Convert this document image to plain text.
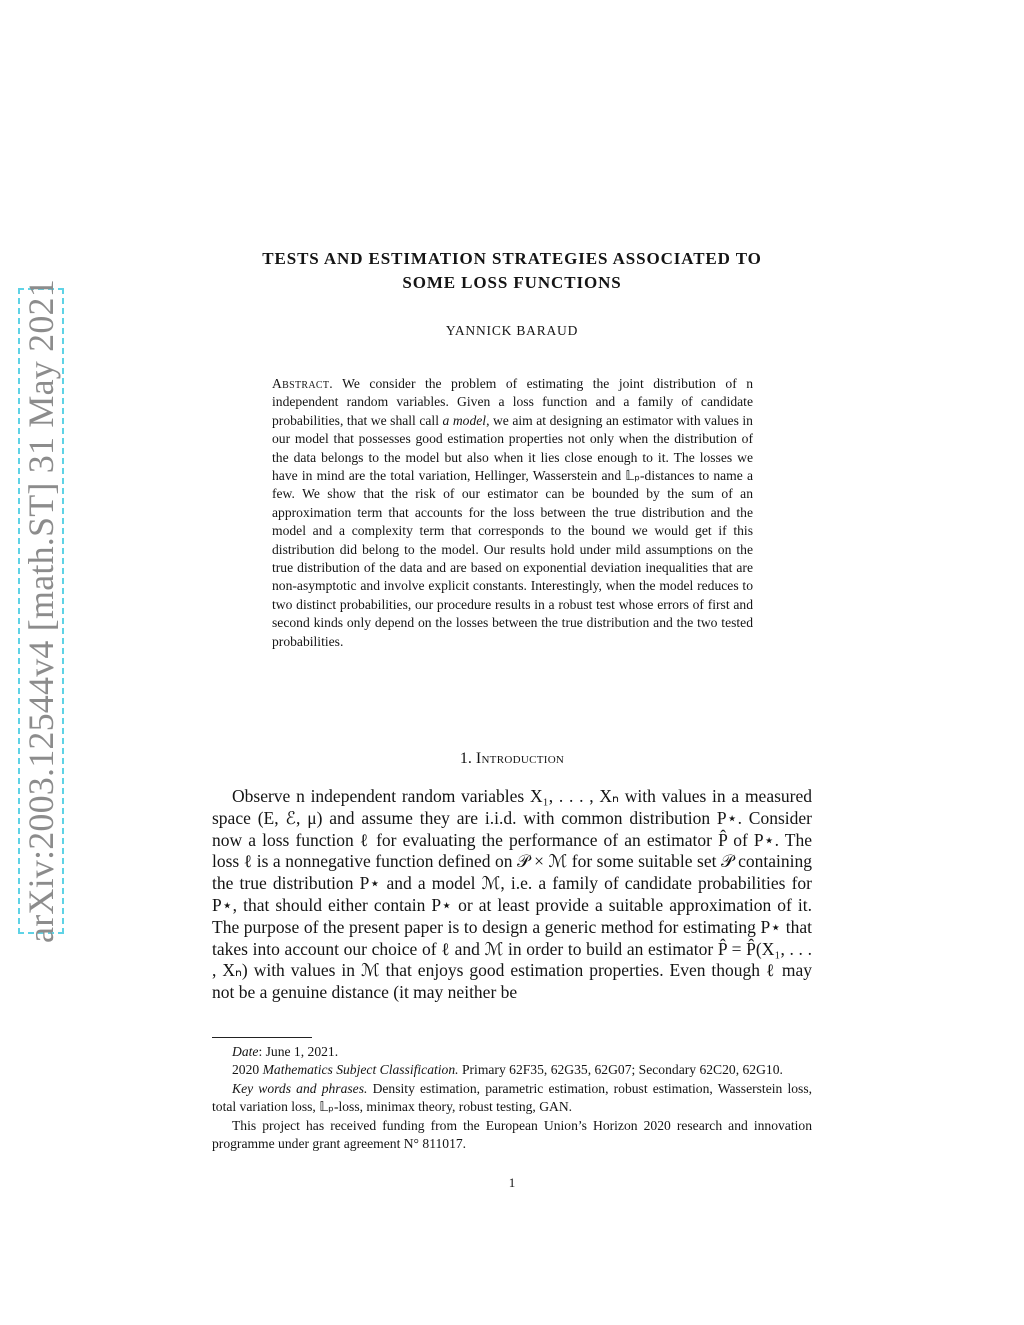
arXiv:2003.12544v4 [math.ST] 31 May 2021
TESTS AND ESTIMATION STRATEGIES ASSOCIATED TO
SOME LOSS FUNCTIONS
YANNICK BARAUD

Abstract. We consider the problem of estimating the joint distribution of n independent random variables. Given a loss function and a family of candidate probabilities, that we shall call a model, we aim at designing an estimator with values in our model that possesses good estimation properties not only when the distribution of the data belongs to the model but also when it lies close enough to it. The losses we have in mind are the total variation, Hellinger, Wasserstein and 𝕃ₚ-distances to name a few. We show that the risk of our estimator can be bounded by the sum of an approximation term that accounts for the loss between the true distribution and the model and a complexity term that corresponds to the bound we would get if this distribution did belong to the model. Our results hold under mild assumptions on the true distribution of the data and are based on exponential deviation inequalities that are non-asymptotic and involve explicit constants. Interestingly, when the model reduces to two distinct probabilities, our procedure results in a robust test whose errors of first and second kinds only depend on the losses between the true distribution and the two tested probabilities.

1. Introduction

Observe n independent random variables X₁, . . . , Xₙ with values in a measured space (E, ℰ, μ) and assume they are i.i.d. with common distribution P⋆. Consider now a loss function ℓ for evaluating the performance of an estimator P̂ of P⋆. The loss ℓ is a nonnegative function defined on 𝒫 × ℳ for some suitable set 𝒫 containing the true distribution P⋆ and a model ℳ, i.e. a family of candidate probabilities for P⋆, that should either contain P⋆ or at least provide a suitable approximation of it. The purpose of the present paper is to design a generic method for estimating P⋆ that takes into account our choice of ℓ and ℳ in order to build an estimator P̂ = P̂(X₁, . . . , Xₙ) with values in ℳ that enjoys good estimation properties. Even though ℓ may not be a genuine distance (it may neither be

Date: June 1, 2021.

2020 Mathematics Subject Classification. Primary 62F35, 62G35, 62G07; Secondary 62C20, 62G10.

Key words and phrases. Density estimation, parametric estimation, robust estimation, Wasserstein loss, total variation loss, 𝕃ₚ-loss, minimax theory, robust testing, GAN.

This project has received funding from the European Union’s Horizon 2020 research and innovation programme under grant agreement N° 811017.

1
